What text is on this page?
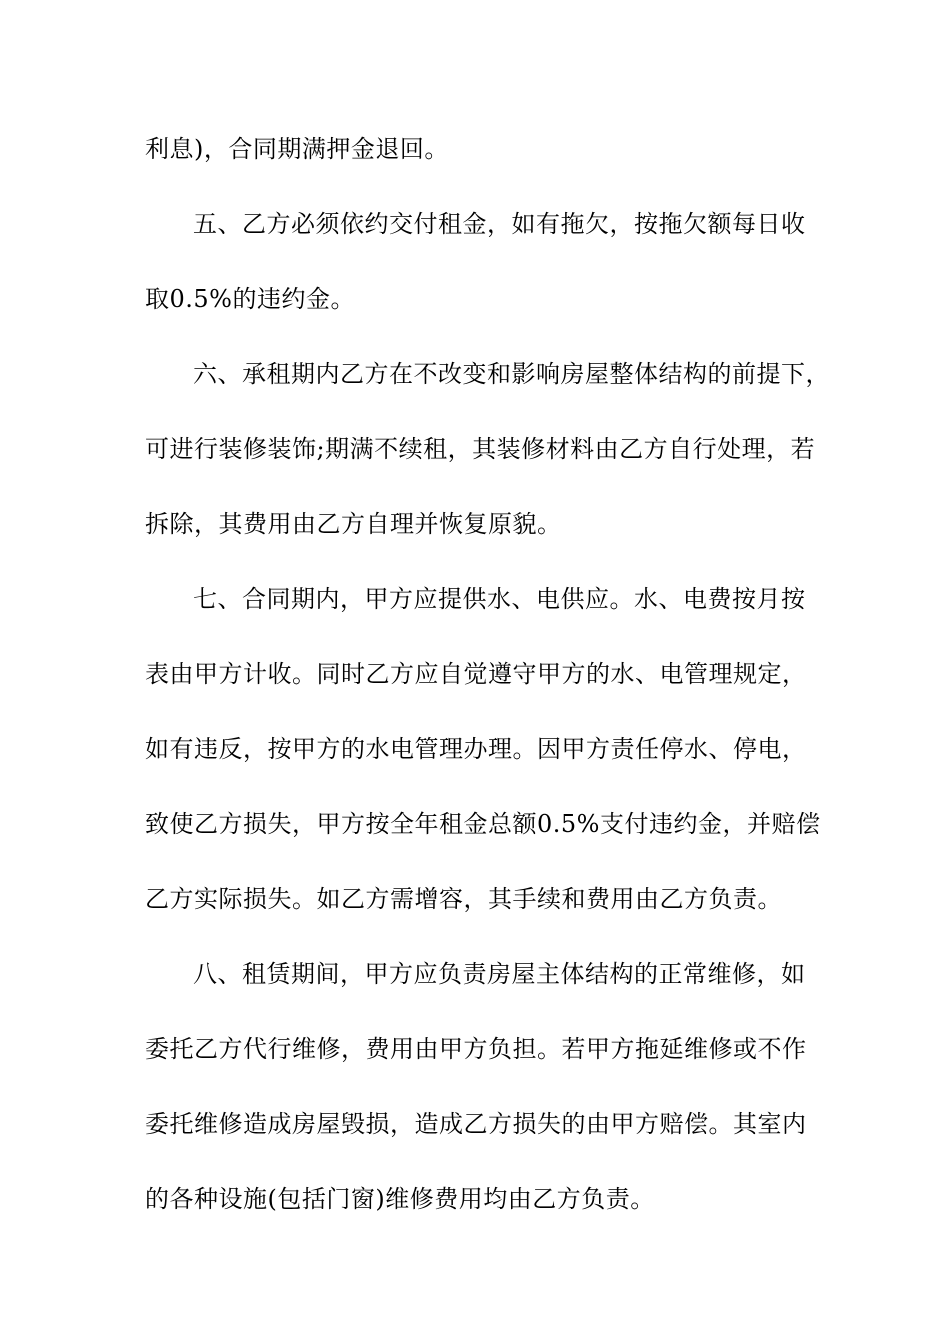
利息)，合同期满押金退回。
五、乙方必须依约交付租金，如有拖欠，按拖欠额每日收
取0.5%的违约金。
六、承租期内乙方在不改变和影响房屋整体结构的前提下，
可进行装修装饰;期满不续租，其装修材料由乙方自行处理，若
拆除，其费用由乙方自理并恢复原貌。
七、合同期内，甲方应提供水、电供应。水、电费按月按
表由甲方计收。同时乙方应自觉遵守甲方的水、电管理规定，
如有违反，按甲方的水电管理办理。因甲方责任停水、停电，
致使乙方损失，甲方按全年租金总额0.5%支付违约金，并赔偿
乙方实际损失。如乙方需增容，其手续和费用由乙方负责。
八、租赁期间，甲方应负责房屋主体结构的正常维修，如
委托乙方代行维修，费用由甲方负担。若甲方拖延维修或不作
委托维修造成房屋毁损，造成乙方损失的由甲方赔偿。其室内
的各种设施(包括门窗)维修费用均由乙方负责。
